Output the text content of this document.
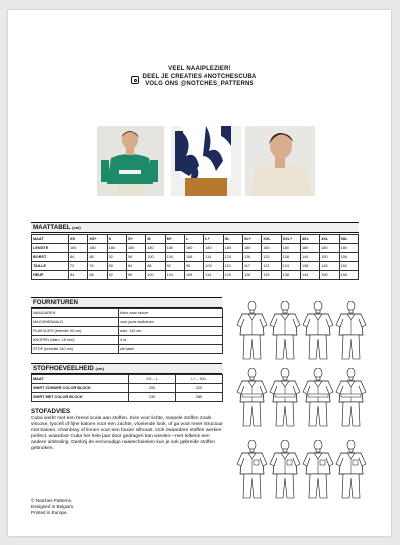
VEEL NAAIPLEZIER!
DEEL JE CREATIES #NOTCHESCUBA
VOLG ONS @NOTCHES_PATTERNS
MAATTABEL (cm)
MAAT	XS	XS+	S	S+	M	M+	L	L+	XL	XL+	XXL	XXL+	3XL	4XL	5XL
LENGTE	180	180	180	180	180	180	180	180	180	180	180	180	180	180	180
BORST	84	88	92	96	100	104	108	114	120	126	132	138	144	150	156
TAILLE	72	76	80	84	88	92	96	103	110	117	112	124	138	145	152
HEUP	84	88	92	96	100	104	108	114	120	126	132	138	144	150	156
FOURNITUREN
NAAIGAREN	kleur naar keuze
MACHINENAALD	voor jouw stofkeuze
PLAKVLIES (breedte 90 cm)	max. 110 cm
KNOPEN (diam. 15 mm)	4 st.
STOF (breedte 140 cm)	zie tabel
STOFHOEVEELHEID (cm)
MAAT	XS – L	L+ – 5XL
SHIRT ZONDER COLOR BLOCK	200	225
SHIRT MET COLOR BLOCK	230	285
STOFADVIES
Cuba werkt met een breed scala aan stoffen. Kies voor lichte, soepele stoffen zoals viscose, lyocell of fijne katoen voor een zachte, vloeiende look, of ga voor meer structuur met katoen, chambray of linnen voor een boxier silhouet. Ook zwaardere stoffen werken perfect, waardoor Cuba het hele jaar door gedragen kan worden—met telkens een andere uitstraling. Dankzij de eenvoudige naaitechnieken kun je ook gebreide stoffen gebruiken.
© Notches Patterns.
Designed in Belgium.
Printed in Europe.
